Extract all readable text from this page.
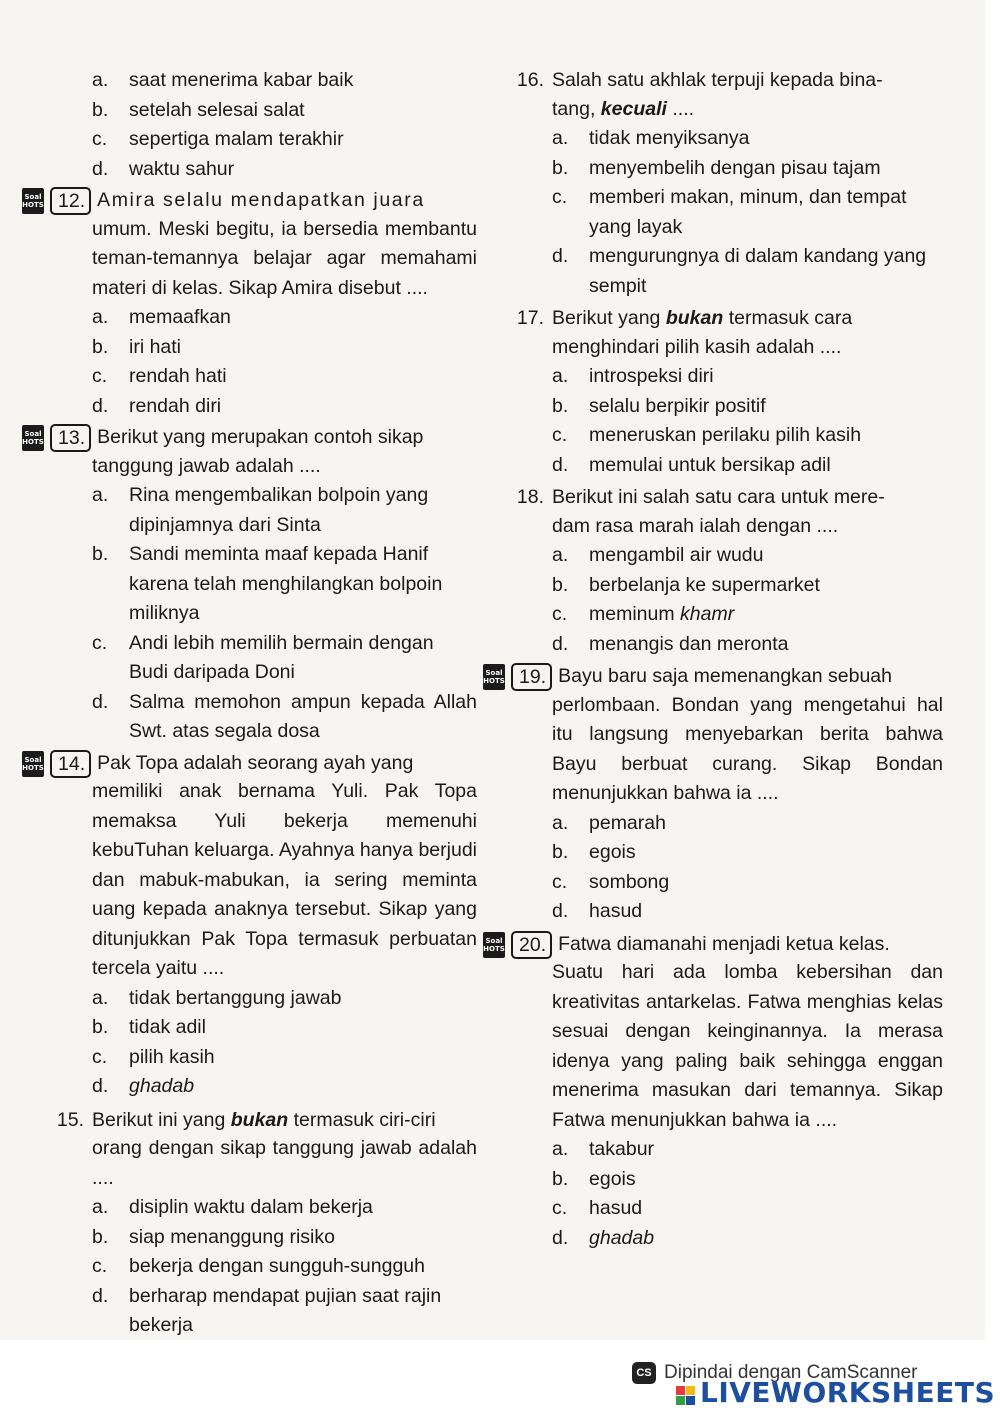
a.	saat menerima kabar baik
b.	setelah selesai salat
c.	sepertiga malam terakhir
d.	waktu sahur
Soal
HOTS 12. Amira selalu mendapatkan juara
umum. Meski begitu, ia bersedia membantu teman-temannya belajar agar memahami materi di kelas. Sikap Amira disebut ....
a.	memaafkan
b.	iri hati
c.	rendah hati
d.	rendah diri
Soal
HOTS 13. Berikut yang merupakan contoh sikap
tanggung jawab adalah ....
a.	Rina mengembalikan bolpoin yang dipinjamnya dari Sinta
b.	Sandi meminta maaf kepada Hanif karena telah menghilangkan bolpoin miliknya
c.	Andi lebih memilih bermain dengan Budi daripada Doni
d.	Salma memohon ampun kepada Allah Swt. atas segala dosa
Soal
HOTS 14. Pak Topa adalah seorang ayah yang
memiliki anak bernama Yuli. Pak Topa memaksa Yuli bekerja memenuhi kebuTuhan keluarga. Ayahnya hanya berjudi dan mabuk-mabukan, ia sering meminta uang kepada anaknya tersebut. Sikap yang ditunjukkan Pak Topa termasuk perbuatan tercela yaitu ....
a.	tidak bertanggung jawab
b.	tidak adil
c.	pilih kasih
d.	ghadab
15. Berikut ini yang bukan termasuk ciri-ciri
orang dengan sikap tanggung jawab adalah ....
a.	disiplin waktu dalam bekerja
b.	siap menanggung risiko
c.	bekerja dengan sungguh-sungguh
d.	berharap mendapat pujian saat rajin bekerja
16. Salah satu akhlak terpuji kepada bina-
tang, kecuali ....
a.	tidak menyiksanya
b.	menyembelih dengan pisau tajam
c.	memberi makan, minum, dan tempat yang layak
d.	mengurungnya di dalam kandang yang sempit
17. Berikut yang bukan termasuk cara
menghindari pilih kasih adalah ....
a.	introspeksi diri
b.	selalu berpikir positif
c.	meneruskan perilaku pilih kasih
d.	memulai untuk bersikap adil
18. Berikut ini salah satu cara untuk mere-
dam rasa marah ialah dengan ....
a.	mengambil air wudu
b.	berbelanja ke supermarket
c.	meminum khamr
d.	menangis dan meronta
Soal
HOTS 19. Bayu baru saja memenangkan sebuah
perlombaan. Bondan yang mengetahui hal itu langsung menyebarkan berita bahwa Bayu berbuat curang. Sikap Bondan menunjukkan bahwa ia ....
a.	pemarah
b.	egois
c.	sombong
d.	hasud
Soal
HOTS 20. Fatwa diamanahi menjadi ketua kelas.
Suatu hari ada lomba kebersihan dan kreativitas antarkelas. Fatwa menghias kelas sesuai dengan keinginannya. Ia merasa idenya yang paling baik sehingga enggan menerima masukan dari temannya. Sikap Fatwa menunjukkan bahwa ia ....
a.	takabur
b.	egois
c.	hasud
d.	ghadab
CS Dipindai dengan CamScanner
LIVEWORKSHEETS
